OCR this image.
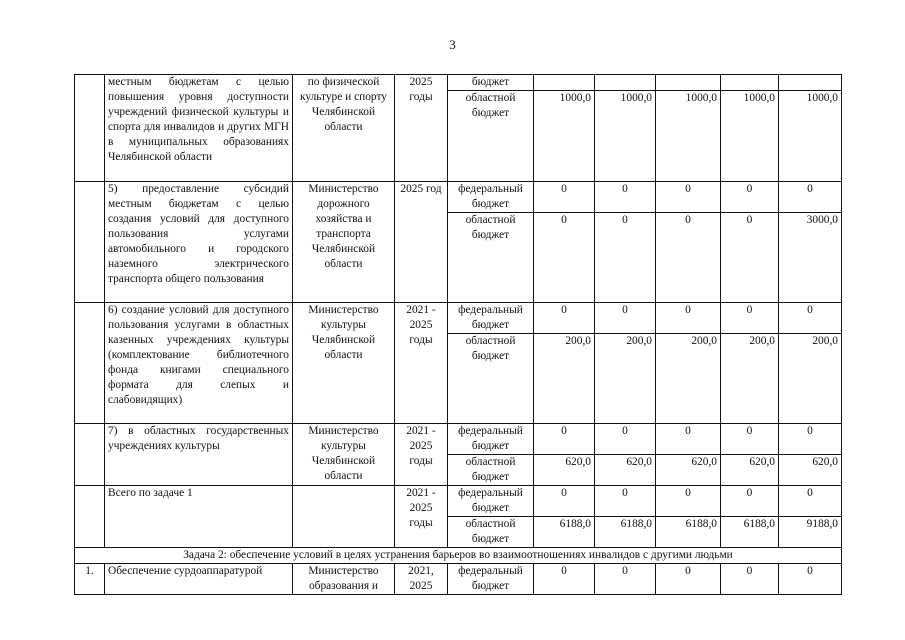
3
	местным бюджетам с целью повышения уровня доступности учреждений физической культуры и спорта для инвалидов и других МГН в муниципальных образованиях Челябинской области	по физической культуре и спорту Челябинской области	2025 годы	бюджет					
				областной бюджет	1000,0	1000,0	1000,0	1000,0	1000,0
	5) предоставление субсидий местным бюджетам с целью создания условий для доступного пользования услугами автомобильного и городского наземного электрического транспорта общего пользования	Министерство дорожного хозяйства и транспорта Челябинской области	2025 год	федеральный бюджет	0	0	0	0	0
				областной бюджет	0	0	0	0	3000,0
	6) создание условий для доступного пользования услугами в областных казенных учреждениях культуры (комплектование библиотечного фонда книгами специального формата для слепых и слабовидящих)	Министерство культуры Челябинской области	2021 - 2025 годы	федеральный бюджет	0	0	0	0	0
				областной бюджет	200,0	200,0	200,0	200,0	200,0
	7) в областных государственных учреждениях культуры	Министерство культуры Челябинской области	2021 - 2025 годы	федеральный бюджет	0	0	0	0	0
				областной бюджет	620,0	620,0	620,0	620,0	620,0
	Всего по задаче 1		2021 - 2025 годы	федеральный бюджет	0	0	0	0	0
				областной бюджет	6188,0	6188,0	6188,0	6188,0	9188,0
Задача 2: обеспечение условий в целях устранения барьеров во взаимоотношениях инвалидов с другими людьми									
1.	Обеспечение сурдоаппаратурой	Министерство образования и	2021, 2025	федеральный бюджет	0	0	0	0	0
